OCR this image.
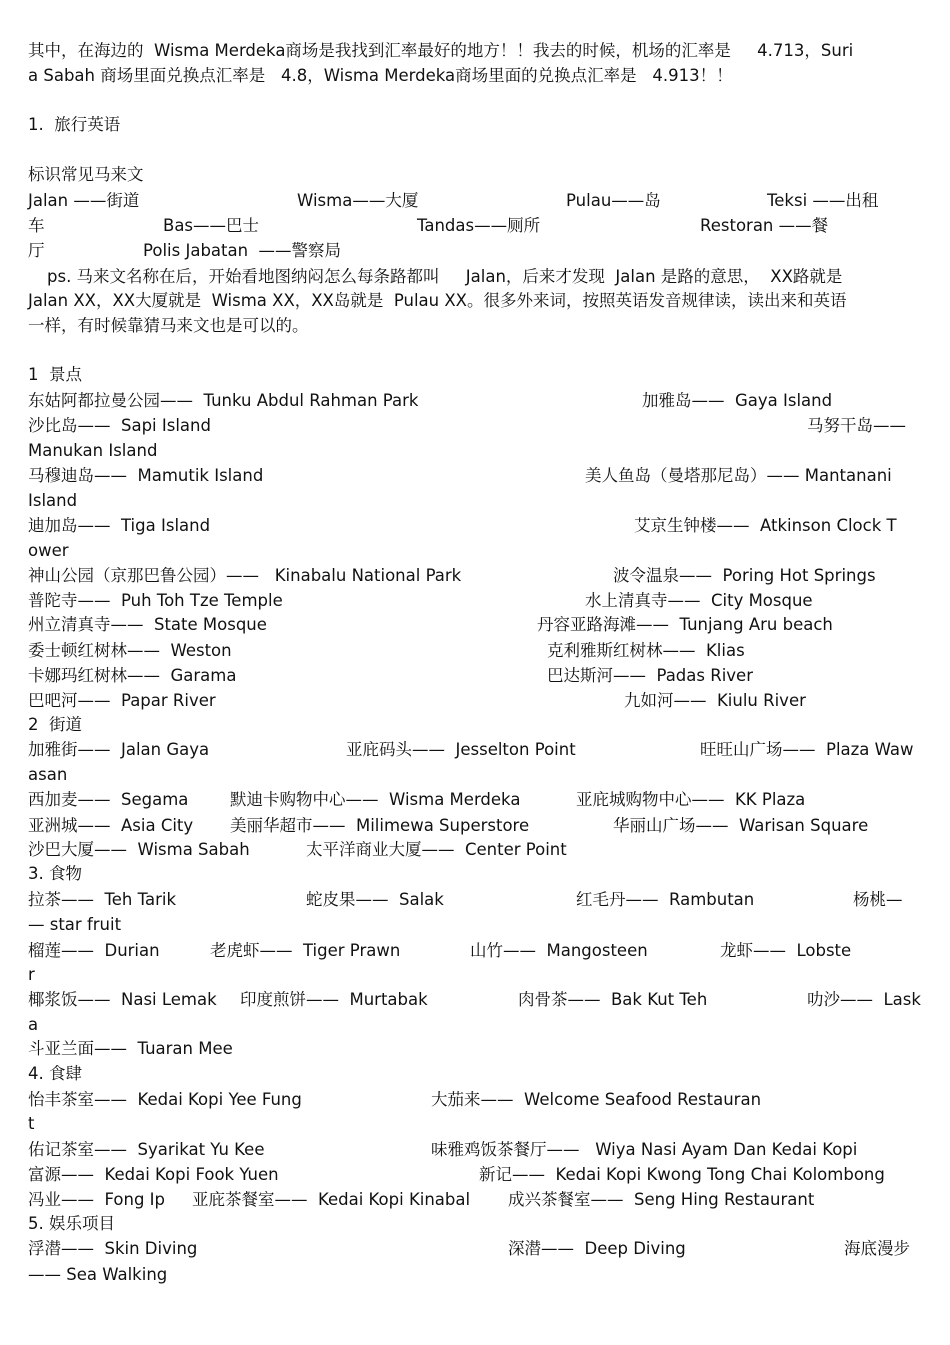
其中，在海边的  Wisma Merdeka商场是我找到汇率最好的地方！！我去的时候，机场的汇率是     4.713，Suri
a Sabah 商场里面兑换点汇率是   4.8，Wisma Merdeka商场里面的兑换点汇率是   4.913！！
1.  旅行英语
标识常见马来文
Jalan ——街道	Wisma——大厦	Pulau——岛	Teksi ——出租
车	Bas——巴士	Tandas——厕所	Restoran ——餐
厅	Polis Jabatan  ——警察局
ps. 马来文名称在后，开始看地图纳闷怎么每条路都叫     Jalan，后来才发现  Jalan 是路的意思，  XX路就是
Jalan XX，XX大厦就是  Wisma XX，XX岛就是  Pulau XX。很多外来词，按照英语发音规律读，读出来和英语
一样，有时候靠猜马来文也是可以的。
1  景点
东姑阿都拉曼公园——  Tunku Abdul Rahman Park	加雅岛——  Gaya Island
沙比岛——  Sapi Island	马努干岛——
Manukan Island
马穆迪岛——  Mamutik Island	美人鱼岛（曼塔那尼岛）—— Mantanani
Island
迪加岛——  Tiga Island	艾京生钟楼——  Atkinson Clock T
ower
神山公园（京那巴鲁公园）——   Kinabalu National Park	波令温泉——  Poring Hot Springs
普陀寺——  Puh Toh Tze Temple	水上清真寺——  City Mosque
州立清真寺——  State Mosque	丹容亚路海滩——  Tunjang Aru beach
委士顿红树林——  Weston	克利雅斯红树林——  Klias
卡娜玛红树林——  Garama	巴达斯河——  Padas River
巴吧河——  Papar River	九如河——  Kiulu River
2  街道
加雅街——  Jalan Gaya	亚庇码头——  Jesselton Point	旺旺山广场——  Plaza Waw
asan
西加麦——  Segama	默迪卡购物中心——  Wisma Merdeka	亚庇城购物中心——  KK Plaza
亚洲城——  Asia City 美丽华超市——  Milimewa Superstore	华丽山广场——  Warisan Square
沙巴大厦——  Wisma Sabah	太平洋商业大厦——  Center Point
3. 食物
拉茶——  Teh Tarik	蛇皮果——  Salak	红毛丹——  Rambutan	杨桃—
— star fruit
榴莲——  Durian	老虎虾——  Tiger Prawn	山竹——  Mangosteen	龙虾——  Lobste
r
椰浆饭——  Nasi Lemak 印度煎饼——  Murtabak	肉骨茶——  Bak Kut Teh	叻沙——  Lask
a
斗亚兰面——  Tuaran Mee
4. 食肆
怡丰茶室——  Kedai Kopi Yee Fung	大茄来——  Welcome Seafood Restauran
t
佑记茶室——  Syarikat Yu Kee	味雅鸡饭茶餐厅——   Wiya Nasi Ayam Dan Kedai Kopi
富源——  Kedai Kopi Fook Yuen	新记——  Kedai Kopi Kwong Tong Chai Kolombong
冯业——  Fong Ip 亚庇茶餐室——  Kedai Kopi Kinabal 成兴茶餐室——  Seng Hing Restaurant
5. 娱乐项目
浮潜——  Skin Diving	深潜——  Deep Diving	海底漫步
—— Sea Walking
